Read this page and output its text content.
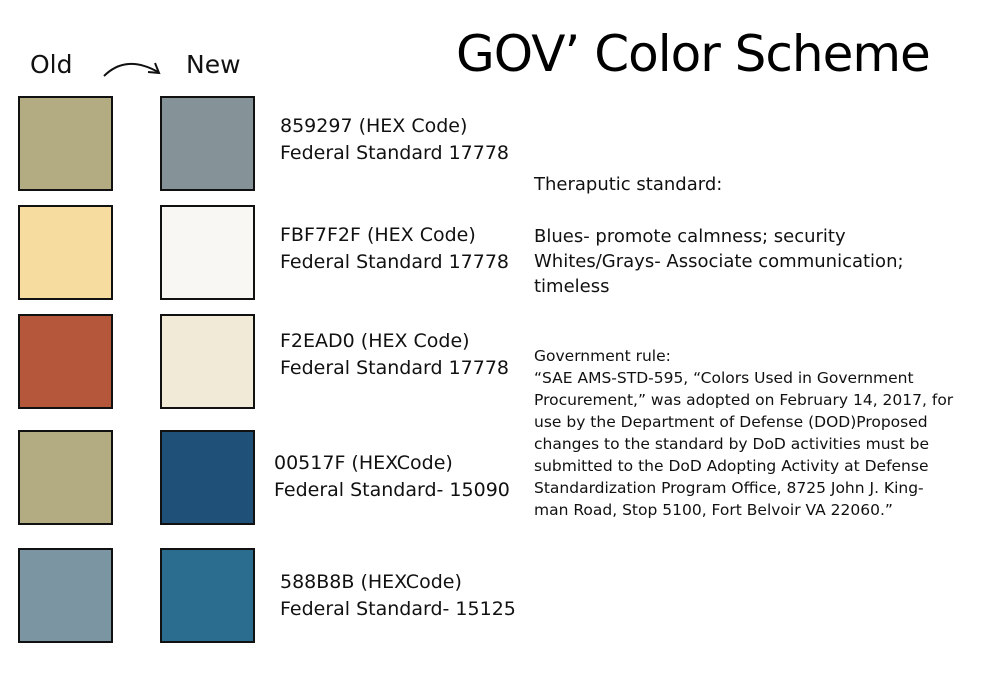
GOV’ Color Scheme
Old	New
859297 (HEX Code)
Federal Standard 17778
FBF7F2F (HEX Code)
Federal Standard 17778
F2EAD0 (HEX Code)
Federal Standard 17778
00517F (HEXCode)
Federal Standard- 15090
588B8B (HEXCode)
Federal Standard- 15125
Theraputic standard:
Blues- promote calmness; security
Whites/Grays- Associate communication;
timeless
Government rule:
“SAE AMS-STD-595, “Colors Used in Government
Procurement,” was adopted on February 14, 2017, for
use by the Department of Defense (DOD)Proposed
changes to the standard by DoD activities must be
submitted to the DoD Adopting Activity at Defense
Standardization Program Office, 8725 John J. King-
man Road, Stop 5100, Fort Belvoir VA 22060.”
